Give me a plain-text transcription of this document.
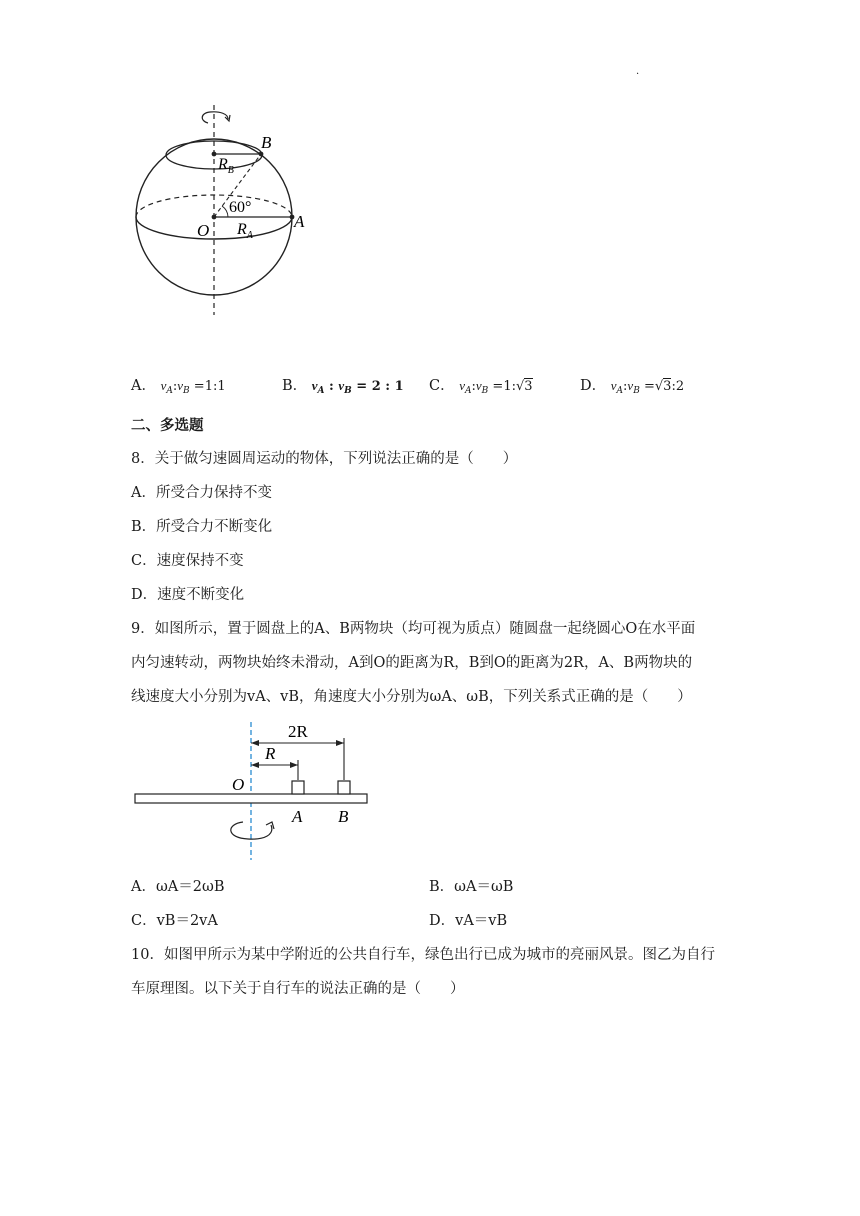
.
B
$R_B$
60°
O $R_A$
A
A． $v_A:v_B$ =1:1	B． $v_A$ : $v_B = 2$ : 1 C． $v_A:v_B$ =1:√3	D． $v_A:v_B$ =√3:2
二、多选题
8．关于做匀速圆周运动的物体，下列说法正确的是（　　）
A．所受合力保持不变
B．所受合力不断变化
C．速度保持不变
D．速度不断变化
9．如图所示，置于圆盘上的A、B两物块（均可视为质点）随圆盘一起绕圆心O在水平面
内匀速转动，两物块始终未滑动，A到O的距离为R，B到O的距离为2R，A、B两物块的
线速度大小分别为vA、vB，角速度大小分别为ωA、ωB，下列关系式正确的是（　　）
2R
R
O
A B
A．ωA＝2ωB	B．ωA＝ωB
C．vB＝2vA	D．vA＝vB
10．如图甲所示为某中学附近的公共自行车，绿色出行已成为城市的亮丽风景。图乙为自行
车原理图。以下关于自行车的说法正确的是（　　）
